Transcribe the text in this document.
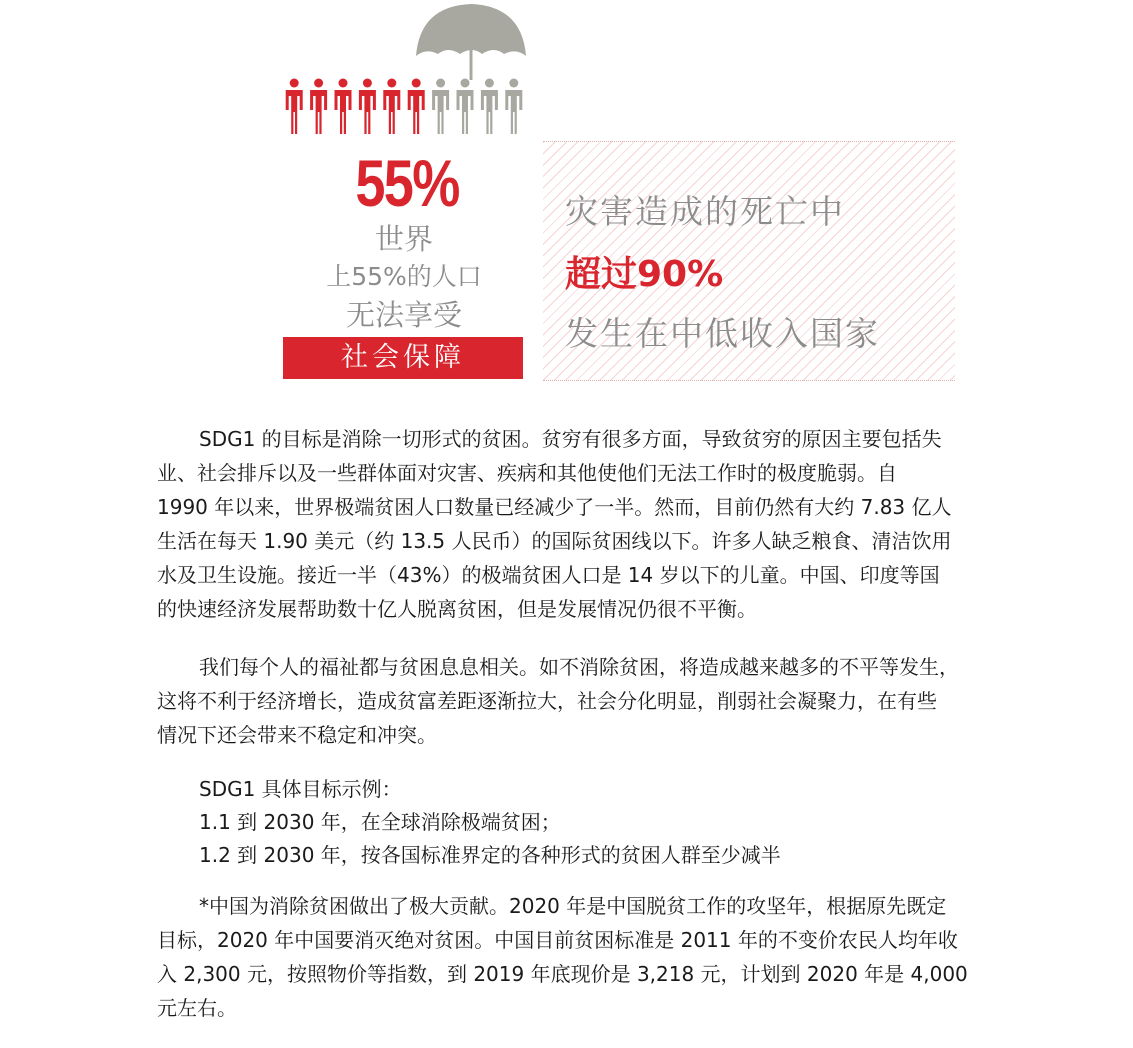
55%
世界
上55%的人口
无法享受
社会保障
灾害造成的死亡中
超过90%
发生在中低收入国家
SDG1 的目标是消除一切形式的贫困。贫穷有很多方面，导致贫穷的原因主要包括失
业、社会排斥以及一些群体面对灾害、疾病和其他使他们无法工作时的极度脆弱。自
1990 年以来，世界极端贫困人口数量已经减少了一半。然而，目前仍然有大约 7.83 亿人
生活在每天 1.90 美元（约 13.5 人民币）的国际贫困线以下。许多人缺乏粮食、清洁饮用
水及卫生设施。接近一半（43%）的极端贫困人口是 14 岁以下的儿童。中国、印度等国
的快速经济发展帮助数十亿人脱离贫困，但是发展情况仍很不平衡。
我们每个人的福祉都与贫困息息相关。如不消除贫困，将造成越来越多的不平等发生，
这将不利于经济增长，造成贫富差距逐渐拉大，社会分化明显，削弱社会凝聚力，在有些
情况下还会带来不稳定和冲突。
SDG1 具体目标示例：
1.1 到 2030 年，在全球消除极端贫困；
1.2 到 2030 年，按各国标准界定的各种形式的贫困人群至少减半
*中国为消除贫困做出了极大贡献。2020 年是中国脱贫工作的攻坚年，根据原先既定
目标，2020 年中国要消灭绝对贫困。中国目前贫困标准是 2011 年的不变价农民人均年收
入 2,300 元，按照物价等指数，到 2019 年底现价是 3,218 元，计划到 2020 年是 4,000
元左右。
